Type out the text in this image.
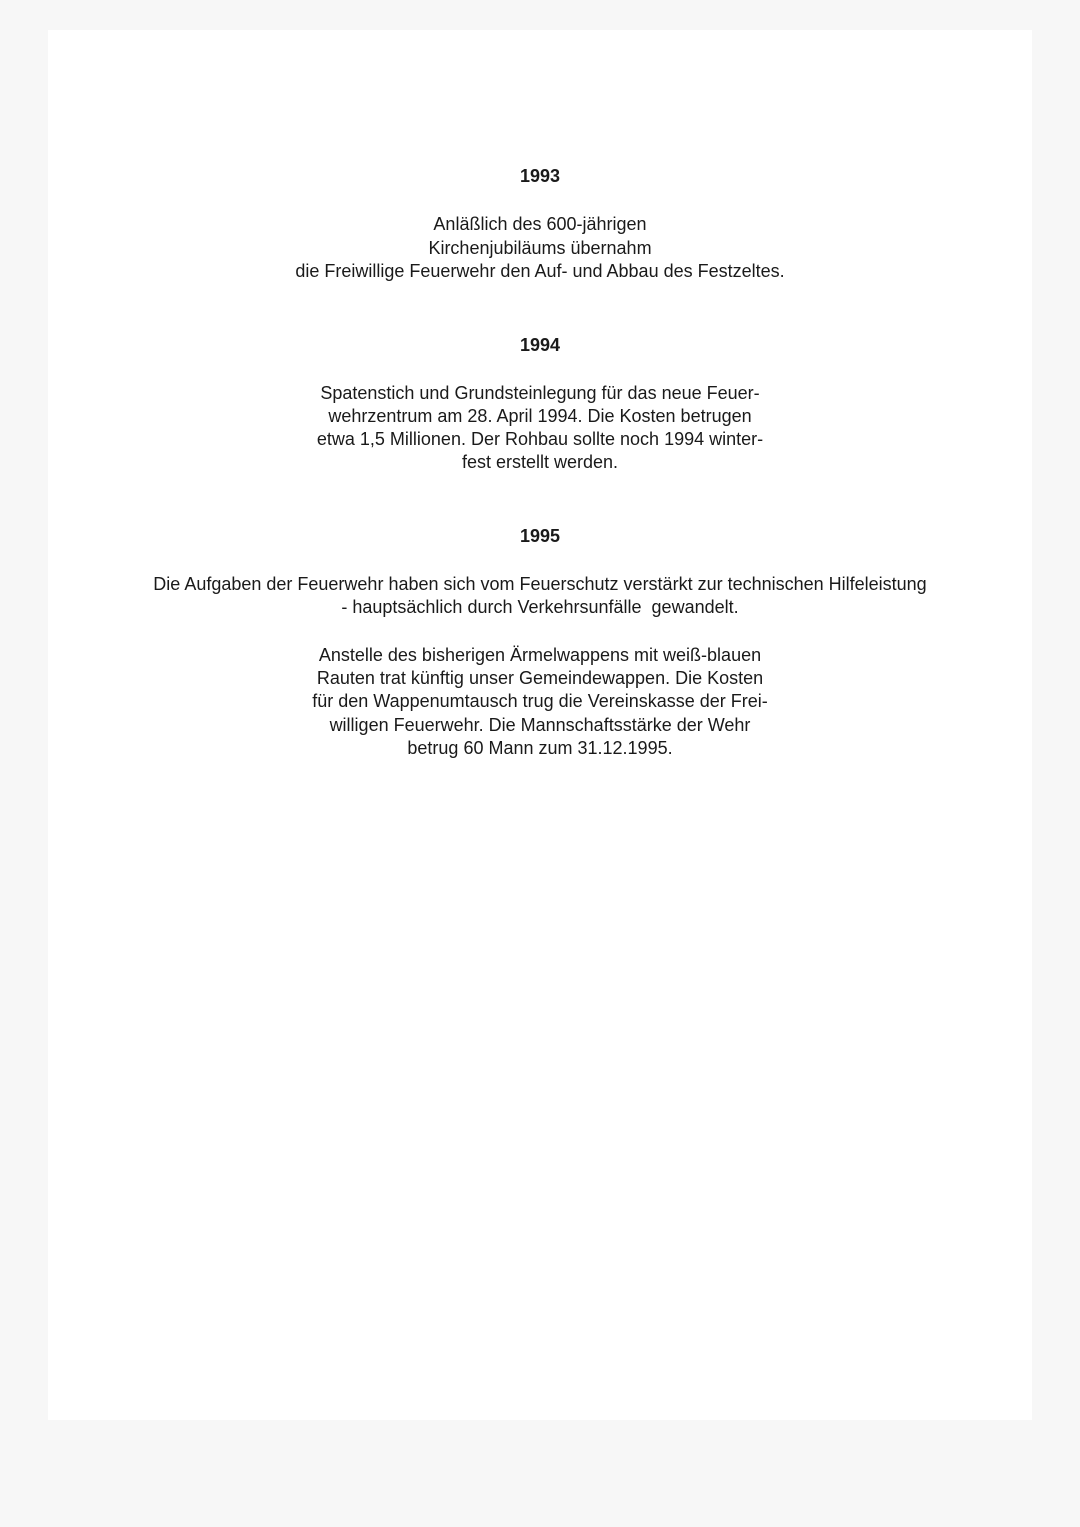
1993
Anläßlich des 600-jährigen
Kirchenjubiläums übernahm
die Freiwillige Feuerwehr den Auf- und Abbau des Festzeltes.
1994
Spatenstich und Grundsteinlegung für das neue Feuer-
wehrzentrum am 28. April 1994. Die Kosten betrugen
etwa 1,5 Millionen. Der Rohbau sollte noch 1994 winter-
fest erstellt werden.
1995
Die Aufgaben der Feuerwehr haben sich vom Feuerschutz verstärkt zur technischen Hilfeleistung
- hauptsächlich durch Verkehrsunfälle  gewandelt.
Anstelle des bisherigen Ärmelwappens mit weiß-blauen
Rauten trat künftig unser Gemeindewappen. Die Kosten
für den Wappenumtausch trug die Vereinskasse der Frei-
willigen Feuerwehr. Die Mannschaftsstärke der Wehr
betrug 60 Mann zum 31.12.1995.
